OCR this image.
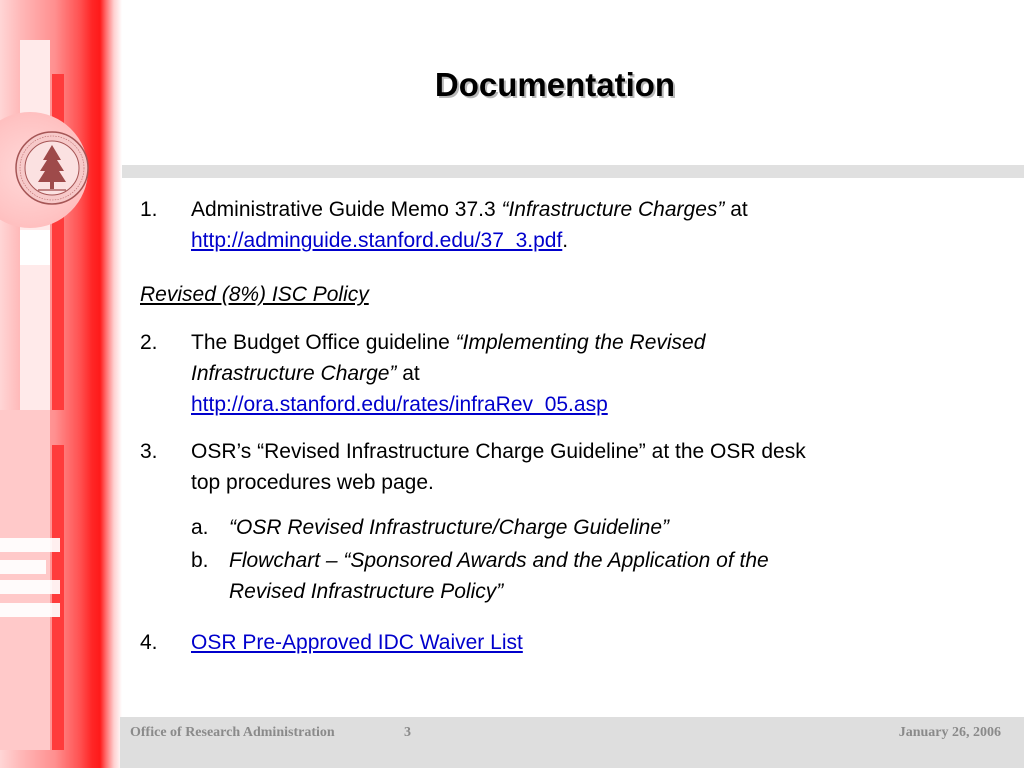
Documentation
1. Administrative Guide Memo 37.3 “Infrastructure Charges” at
http://adminguide.stanford.edu/37_3.pdf.
Revised (8%) ISC Policy
2. The Budget Office guideline “Implementing the Revised
Infrastructure Charge” at
http://ora.stanford.edu/rates/infraRev_05.asp
3. OSR’s “Revised Infrastructure Charge Guideline” at the OSR desk
top procedures web page.
a. “OSR Revised Infrastructure/Charge Guideline”
b. Flowchart – “Sponsored Awards and the Application of the
Revised Infrastructure Policy”
4. OSR Pre-Approved IDC Waiver List
Office of Research Administration	3	January 26, 2006
